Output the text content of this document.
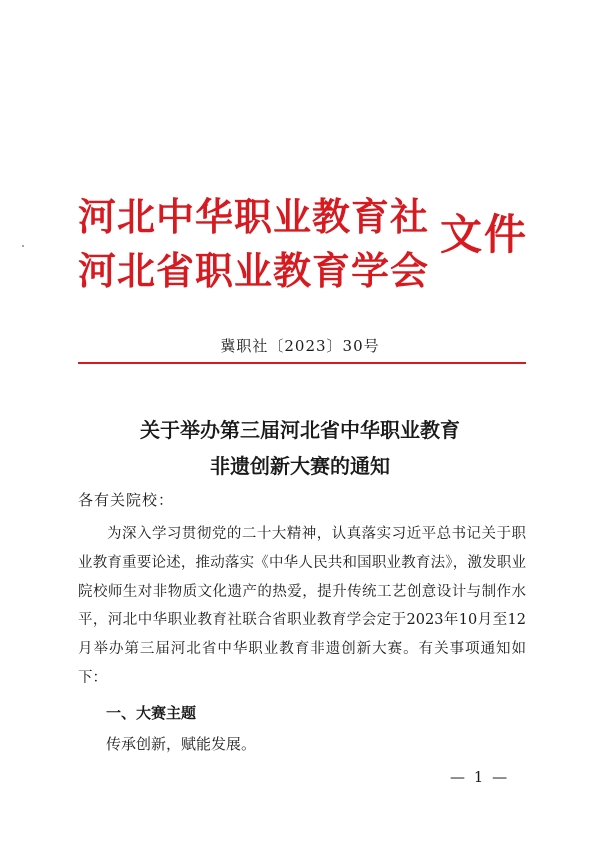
河北中华职业教育社
河北省职业教育学会
文件
冀职社〔2023〕30号
关于举办第三届河北省中华职业教育
非遗创新大赛的通知
各有关院校：

为深入学习贯彻党的二十大精神，认真落实习近平总书记关于职业教育重要论述，推动落实《中华人民共和国职业教育法》，激发职业院校师生对非物质文化遗产的热爱，提升传统工艺创意设计与制作水平，河北中华职业教育社联合省职业教育学会定于2023年10月至12月举办第三届河北省中华职业教育非遗创新大赛。有关事项通知如下：

一、大赛主题
传承创新，赋能发展。
— 1 —
